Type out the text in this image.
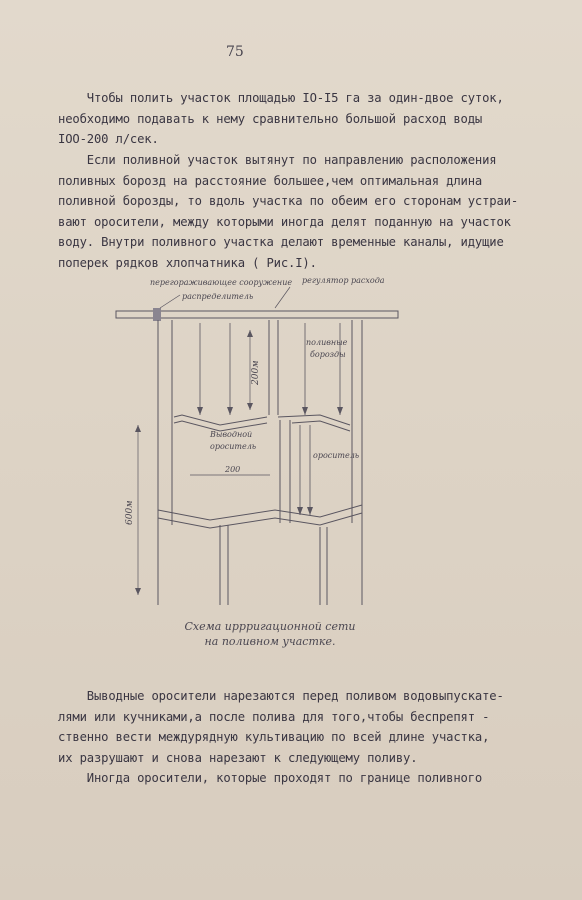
75

Чтобы полить участок площадью IO-I5 га за один-двое суток,
необходимо подавать к нему сравнительно большой расход воды
IOO-200 л/сек.

Если поливной участок вытянут по направлению расположения
поливных борозд на расстояние большее,чем оптимальная длина
поливной борозды, то вдоль участка по обеим его сторонам устраи-
вают оросители, между которыми иногда делят поданную на участок
воду. Внутри поливного участка делают временные каналы, идущие
поперек рядков хлопчатника ( Рис.I).

перегораживающее сооружение
распределитель
регулятор расхода
поливные
борозды
200м
Выводной
ороситель
ороситель
200
600м
Схема иррригационной сети
на поливном участке.

Выводные оросители нарезаются перед поливом водовыпускате-
лями или кучниками,а после полива для того,чтобы беспрепят -
ственно вести междурядную культивацию по всей длине участка,
их разрушают и снова нарезают к следующему поливу.
Иногда оросители, которые проходят по границе поливного
